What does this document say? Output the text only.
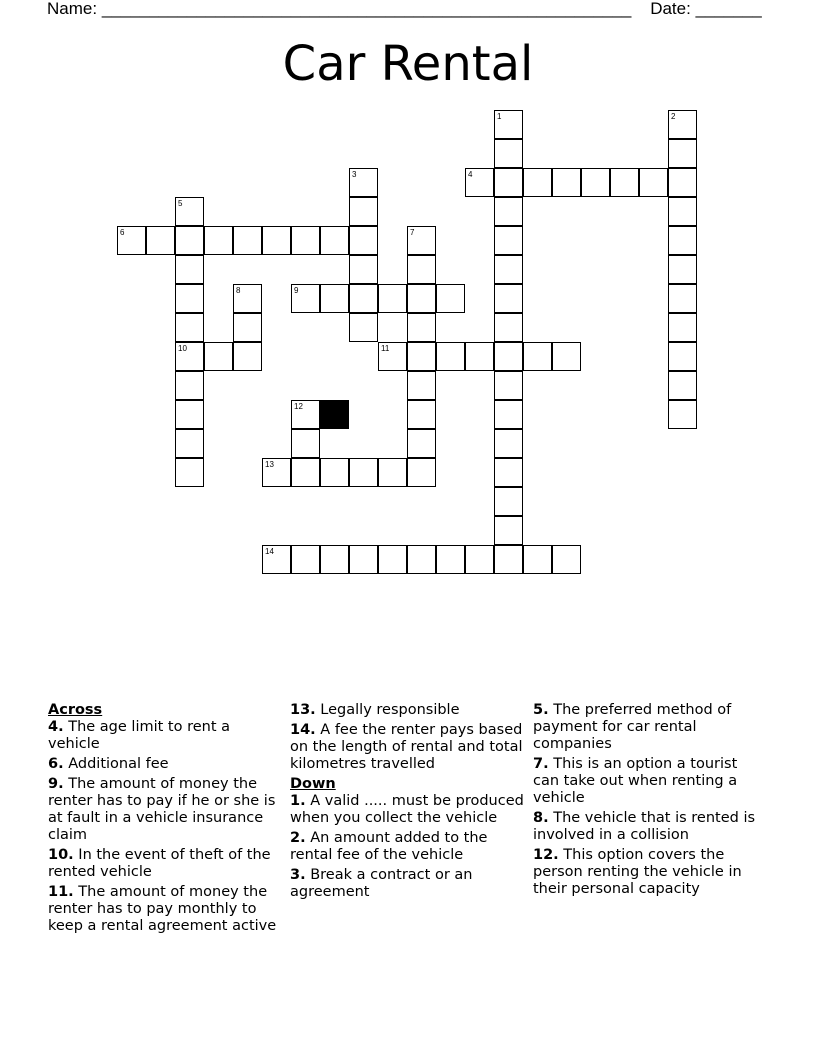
Name: ________________________________________________________ Date: _______
Car Rental
4
6
9
10	11
13
14
1	2
3
5
7
8
12
Across
4. The age limit to rent a vehicle
6. Additional fee
9. The amount of money the renter has to pay if he or she is at fault in a vehicle insurance claim
10. In the event of theft of the rented vehicle
11. The amount of money the renter has to pay monthly to keep a rental agreement active
13. Legally responsible
14. A fee the renter pays based on the length of rental and total kilometres travelled
Down
1. A valid ..... must be produced when you collect the vehicle
2. An amount added to the rental fee of the vehicle
3. Break a contract or an agreement
5. The preferred method of payment for car rental companies
7. This is an option a tourist can take out when renting a vehicle
8. The vehicle that is rented is involved in a collision
12. This option covers the person renting the vehicle in their personal capacity
